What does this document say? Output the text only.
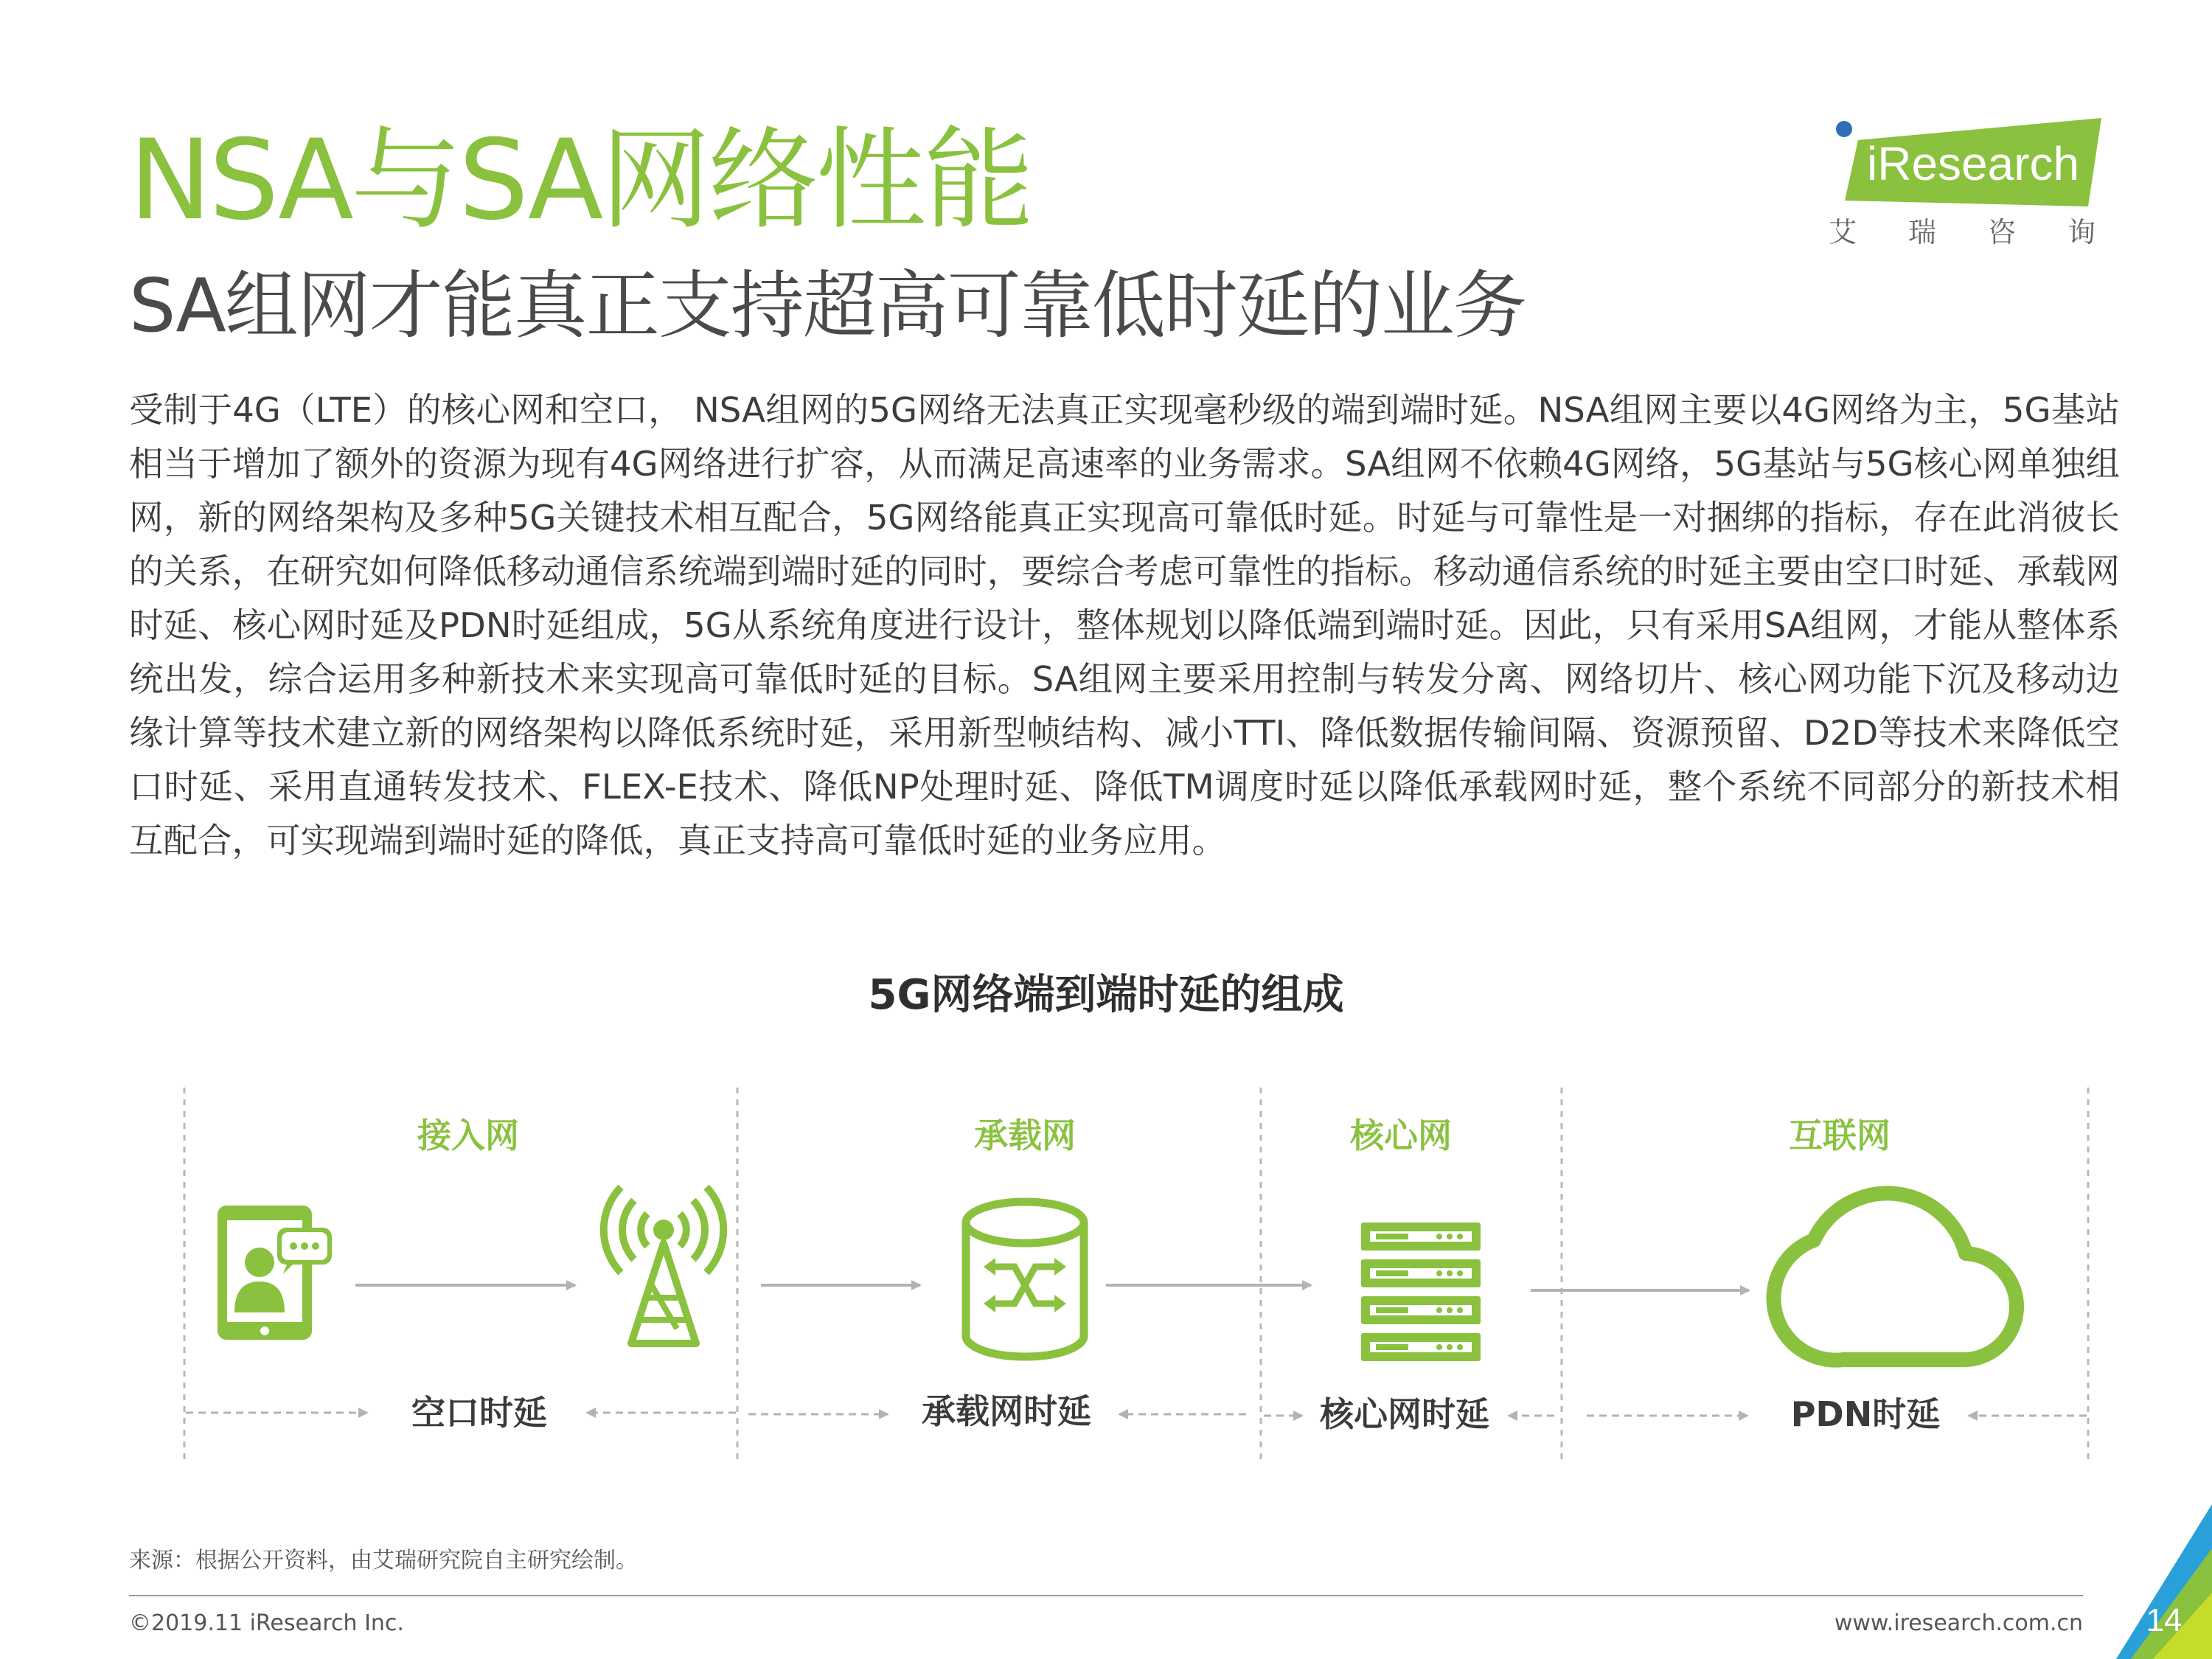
NSA与SA网络性能
SA组网才能真正支持超高可靠低时延的业务
iResearch
艾瑞咨询
受制于4G（LTE）的核心网和空口， NSA组网的5G网络无法真正实现毫秒级的端到端时延。NSA组网主要以4G网络为主，5G基站相当于增加了额外的资源为现有4G网络进行扩容，从而满足高速率的业务需求。SA组网不依赖4G网络，5G基站与5G核心网单独组网，新的网络架构及多种5G关键技术相互配合，5G网络能真正实现高可靠低时延。时延与可靠性是一对捆绑的指标，存在此消彼长的关系，在研究如何降低移动通信系统端到端时延的同时，要综合考虑可靠性的指标。移动通信系统的时延主要由空口时延、承载网时延、核心网时延及PDN时延组成，5G从系统角度进行设计，整体规划以降低端到端时延。因此，只有采用SA组网，才能从整体系统出发，综合运用多种新技术来实现高可靠低时延的目标。SA组网主要采用控制与转发分离、网络切片、核心网功能下沉及移动边缘计算等技术建立新的网络架构以降低系统时延，采用新型帧结构、减小TTI、降低数据传输间隔、资源预留、D2D等技术来降低空口时延、采用直通转发技术、FLEX-E技术、降低NP处理时延、降低TM调度时延以降低承载网时延，整个系统不同部分的新技术相互配合，可实现端到端时延的降低，真正支持高可靠低时延的业务应用。
5G网络端到端时延的组成
接入网	承载网	核心网	互联网
空口时延	承载网时延	核心网时延	PDN时延
来源：根据公开资料，由艾瑞研究院自主研究绘制。
©2019.11 iResearch Inc.	www.iresearch.com.cn	14
